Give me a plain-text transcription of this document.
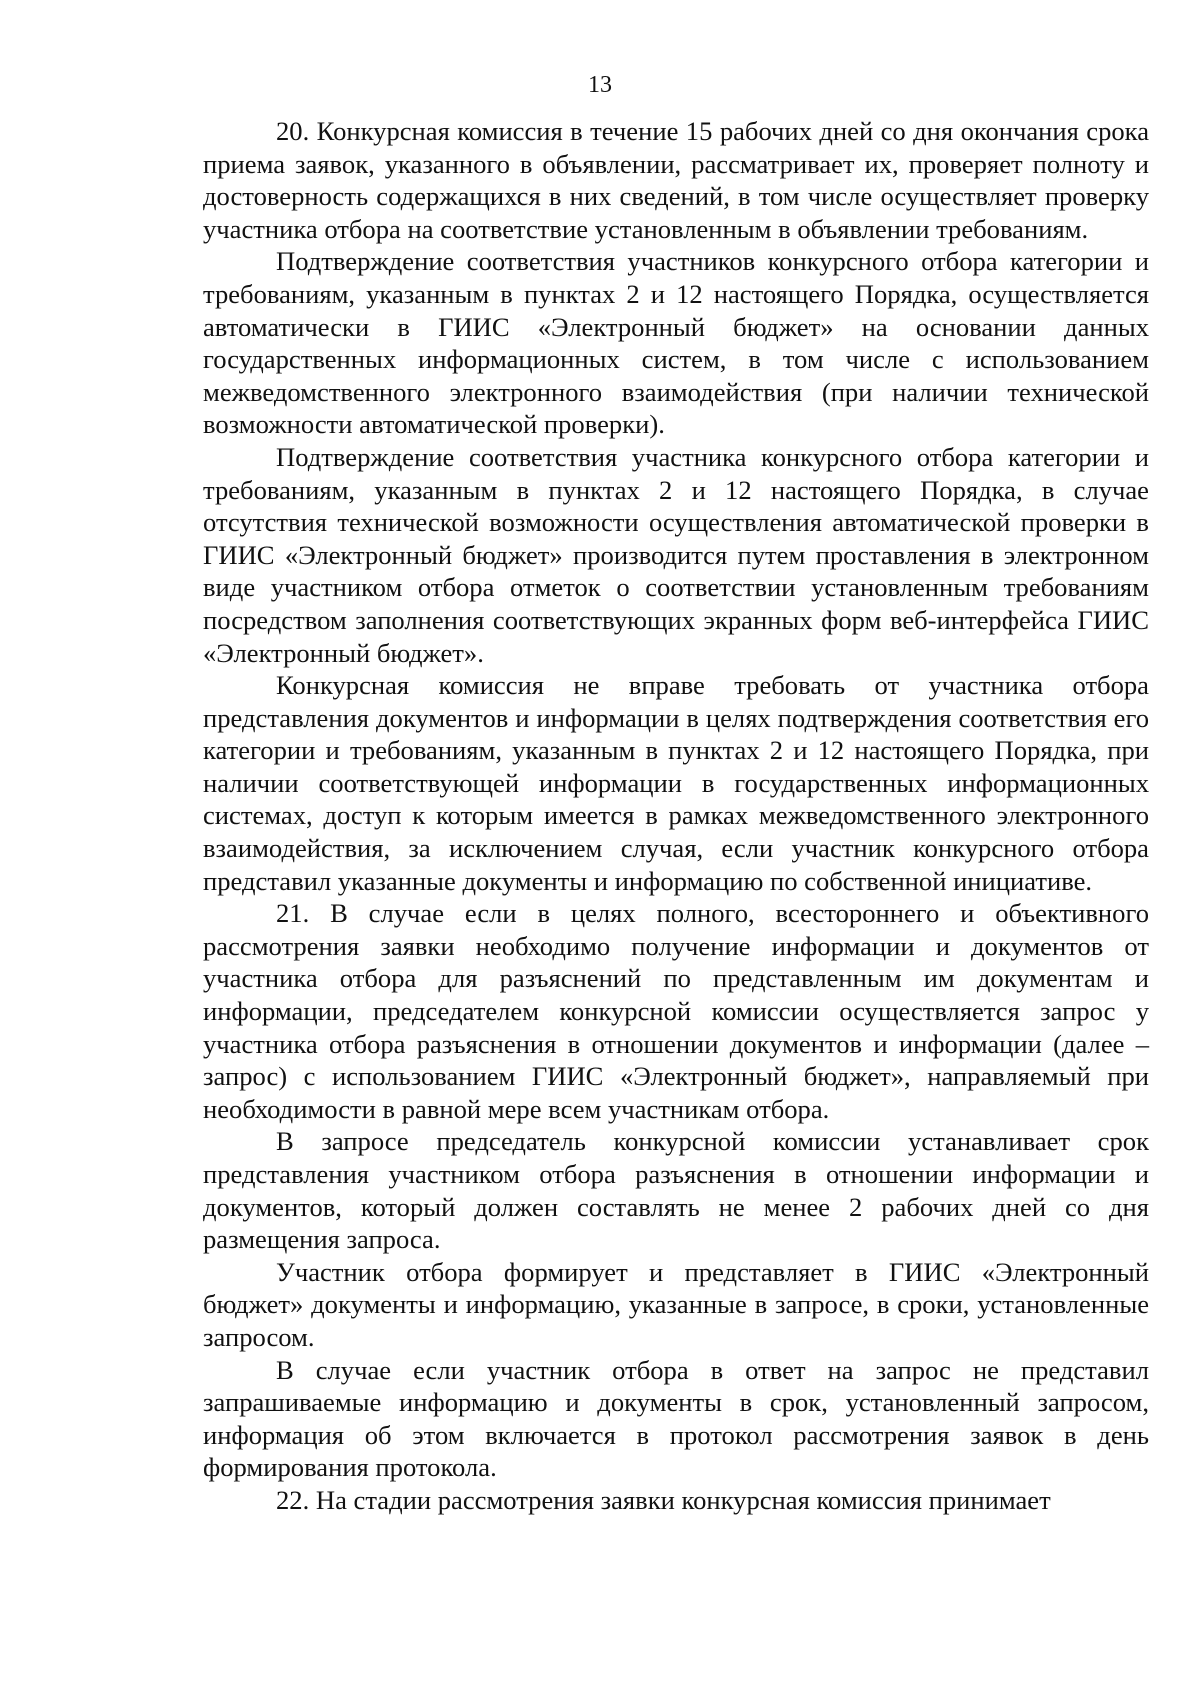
13

20. Конкурсная комиссия в течение 15 рабочих дней со дня окончания срока приема заявок, указанного в объявлении, рассматривает их, проверяет полноту и достоверность содержащихся в них сведений, в том числе осуществляет проверку участника отбора на соответствие установленным в объявлении требованиям.

Подтверждение соответствия участников конкурсного отбора категории и требованиям, указанным в пунктах 2 и 12 настоящего Порядка, осуществляется автоматически в ГИИС «Электронный бюджет» на основании данных государственных информационных систем, в том числе с использованием межведомственного электронного взаимодействия (при наличии технической возможности автоматической проверки).

Подтверждение соответствия участника конкурсного отбора категории и требованиям, указанным в пунктах 2 и 12 настоящего Порядка, в случае отсутствия технической возможности осуществления автоматической проверки в ГИИС «Электронный бюджет» производится путем проставления в электронном виде участником отбора отметок о соответствии установленным требованиям посредством заполнения соответствующих экранных форм веб-интерфейса ГИИС «Электронный бюджет».

Конкурсная комиссия не вправе требовать от участника отбора представления документов и информации в целях подтверждения соответствия его категории и требованиям, указанным в пунктах 2 и 12 настоящего Порядка, при наличии соответствующей информации в государственных информационных системах, доступ к которым имеется в рамках межведомственного электронного взаимодействия, за исключением случая, если участник конкурсного отбора представил указанные документы и информацию по собственной инициативе.

21. В случае если в целях полного, всестороннего и объективного рассмотрения заявки необходимо получение информации и документов от участника отбора для разъяснений по представленным им документам и информации, председателем конкурсной комиссии осуществляется запрос у участника отбора разъяснения в отношении документов и информации (далее – запрос) с использованием ГИИС «Электронный бюджет», направляемый при необходимости в равной мере всем участникам отбора.

В запросе председатель конкурсной комиссии устанавливает срок представления участником отбора разъяснения в отношении информации и документов, который должен составлять не менее 2 рабочих дней со дня размещения запроса.

Участник отбора формирует и представляет в ГИИС «Электронный бюджет» документы и информацию, указанные в запросе, в сроки, установленные запросом.

В случае если участник отбора в ответ на запрос не представил запрашиваемые информацию и документы в срок, установленный запросом, информация об этом включается в протокол рассмотрения заявок в день формирования протокола.

22. На стадии рассмотрения заявки конкурсная комиссия принимает
